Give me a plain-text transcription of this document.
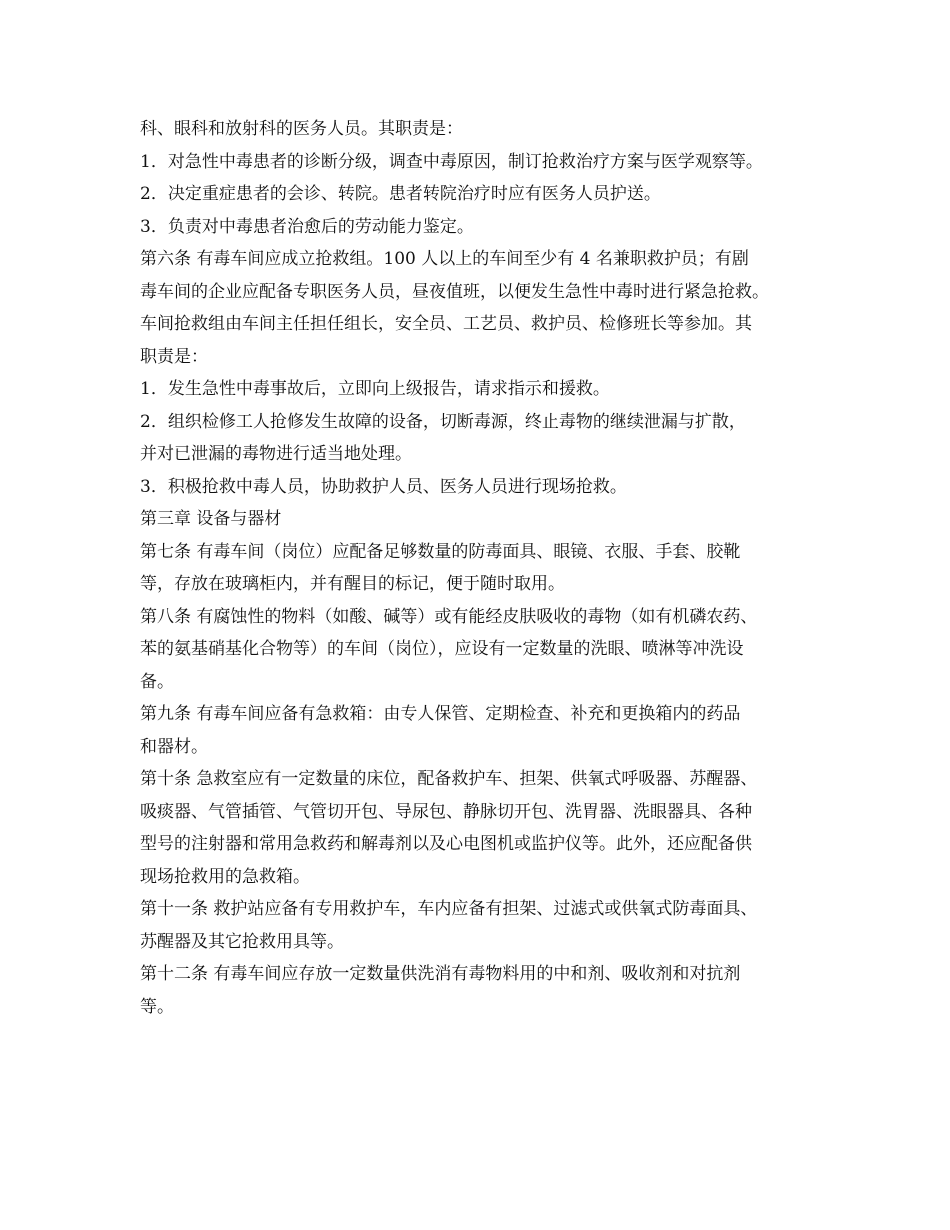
科、眼科和放射科的医务人员。其职责是：
1．对急性中毒患者的诊断分级，调查中毒原因，制订抢救治疗方案与医学观察等。
2．决定重症患者的会诊、转院。患者转院治疗时应有医务人员护送。
3．负责对中毒患者治愈后的劳动能力鉴定。
第六条 有毒车间应成立抢救组。100 人以上的车间至少有 4 名兼职救护员；有剧
毒车间的企业应配备专职医务人员，昼夜值班，以便发生急性中毒时进行紧急抢救。
车间抢救组由车间主任担任组长，安全员、工艺员、救护员、检修班长等参加。其
职责是：
1．发生急性中毒事故后，立即向上级报告，请求指示和援救。
2．组织检修工人抢修发生故障的设备，切断毒源，终止毒物的继续泄漏与扩散，
并对已泄漏的毒物进行适当地处理。
3．积极抢救中毒人员，协助救护人员、医务人员进行现场抢救。
第三章 设备与器材
第七条 有毒车间（岗位）应配备足够数量的防毒面具、眼镜、衣服、手套、胶靴
等，存放在玻璃柜内，并有醒目的标记，便于随时取用。
第八条 有腐蚀性的物料（如酸、碱等）或有能经皮肤吸收的毒物（如有机磷农药、
苯的氨基硝基化合物等）的车间（岗位），应设有一定数量的洗眼、喷淋等冲洗设
备。
第九条 有毒车间应备有急救箱：由专人保管、定期检查、补充和更换箱内的药品
和器材。
第十条 急救室应有一定数量的床位，配备救护车、担架、供氧式呼吸器、苏醒器、
吸痰器、气管插管、气管切开包、导尿包、静脉切开包、洗胃器、洗眼器具、各种
型号的注射器和常用急救药和解毒剂以及心电图机或监护仪等。此外，还应配备供
现场抢救用的急救箱。
第十一条 救护站应备有专用救护车，车内应备有担架、过滤式或供氧式防毒面具、
苏醒器及其它抢救用具等。
第十二条 有毒车间应存放一定数量供洗消有毒物料用的中和剂、吸收剂和对抗剂
等。
